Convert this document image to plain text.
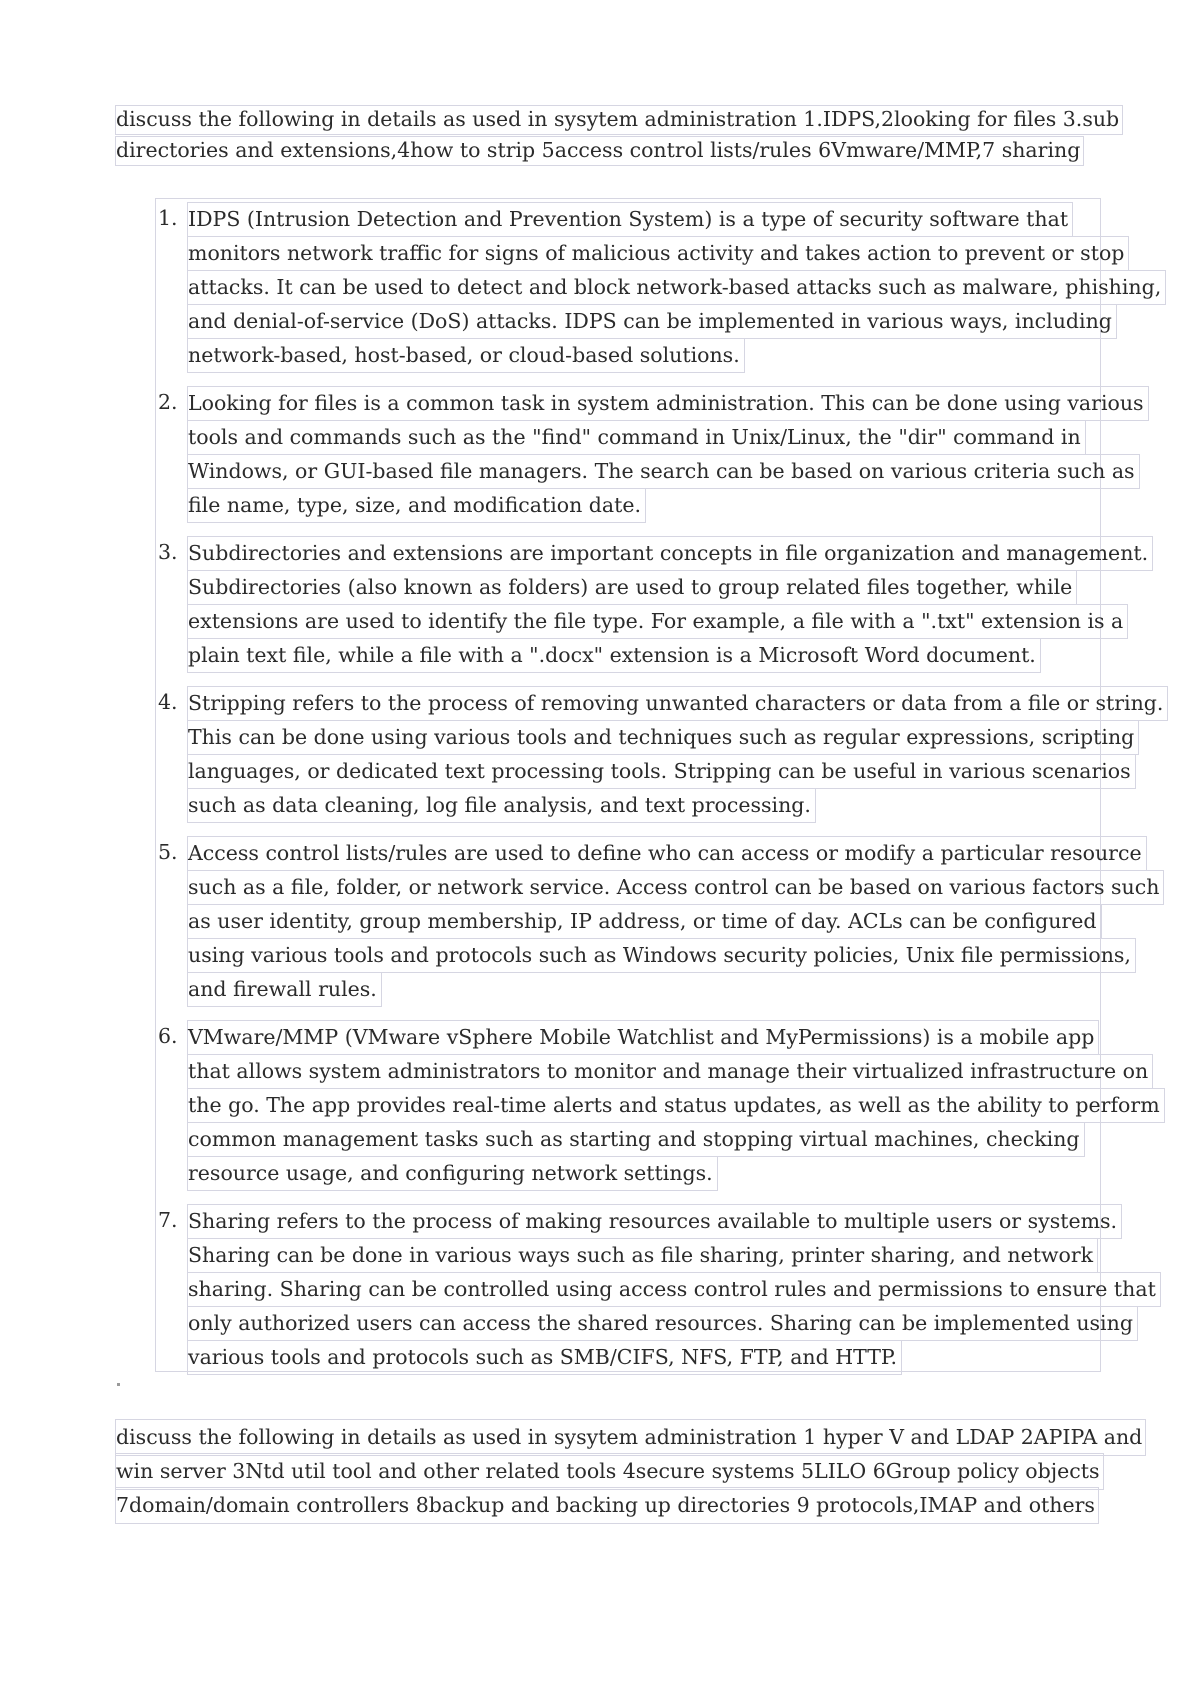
discuss the following in details as used in sysytem administration 1.IDPS,2looking for files 3.sub
directories and extensions,4how to strip 5access control lists/rules 6Vmware/MMP,7 sharing
1. IDPS (Intrusion Detection and Prevention System) is a type of security software that
monitors network traffic for signs of malicious activity and takes action to prevent or stop
attacks. It can be used to detect and block network-based attacks such as malware, phishing,
and denial-of-service (DoS) attacks. IDPS can be implemented in various ways, including
network-based, host-based, or cloud-based solutions.
2. Looking for files is a common task in system administration. This can be done using various
tools and commands such as the "find" command in Unix/Linux, the "dir" command in
Windows, or GUI-based file managers. The search can be based on various criteria such as
file name, type, size, and modification date.
3. Subdirectories and extensions are important concepts in file organization and management.
Subdirectories (also known as folders) are used to group related files together, while
extensions are used to identify the file type. For example, a file with a ".txt" extension is a
plain text file, while a file with a ".docx" extension is a Microsoft Word document.
4. Stripping refers to the process of removing unwanted characters or data from a file or string.
This can be done using various tools and techniques such as regular expressions, scripting
languages, or dedicated text processing tools. Stripping can be useful in various scenarios
such as data cleaning, log file analysis, and text processing.
5. Access control lists/rules are used to define who can access or modify a particular resource
such as a file, folder, or network service. Access control can be based on various factors such
as user identity, group membership, IP address, or time of day. ACLs can be configured
using various tools and protocols such as Windows security policies, Unix file permissions,
and firewall rules.
6. VMware/MMP (VMware vSphere Mobile Watchlist and MyPermissions) is a mobile app
that allows system administrators to monitor and manage their virtualized infrastructure on
the go. The app provides real-time alerts and status updates, as well as the ability to perform
common management tasks such as starting and stopping virtual machines, checking
resource usage, and configuring network settings.
7. Sharing refers to the process of making resources available to multiple users or systems.
Sharing can be done in various ways such as file sharing, printer sharing, and network
sharing. Sharing can be controlled using access control rules and permissions to ensure that
only authorized users can access the shared resources. Sharing can be implemented using
various tools and protocols such as SMB/CIFS, NFS, FTP, and HTTP.
discuss the following in details as used in sysytem administration 1 hyper V and LDAP 2APIPA and
win server 3Ntd util tool and other related tools 4secure systems 5LILO 6Group policy objects
7domain/domain controllers 8backup and backing up directories 9 protocols,IMAP and others
